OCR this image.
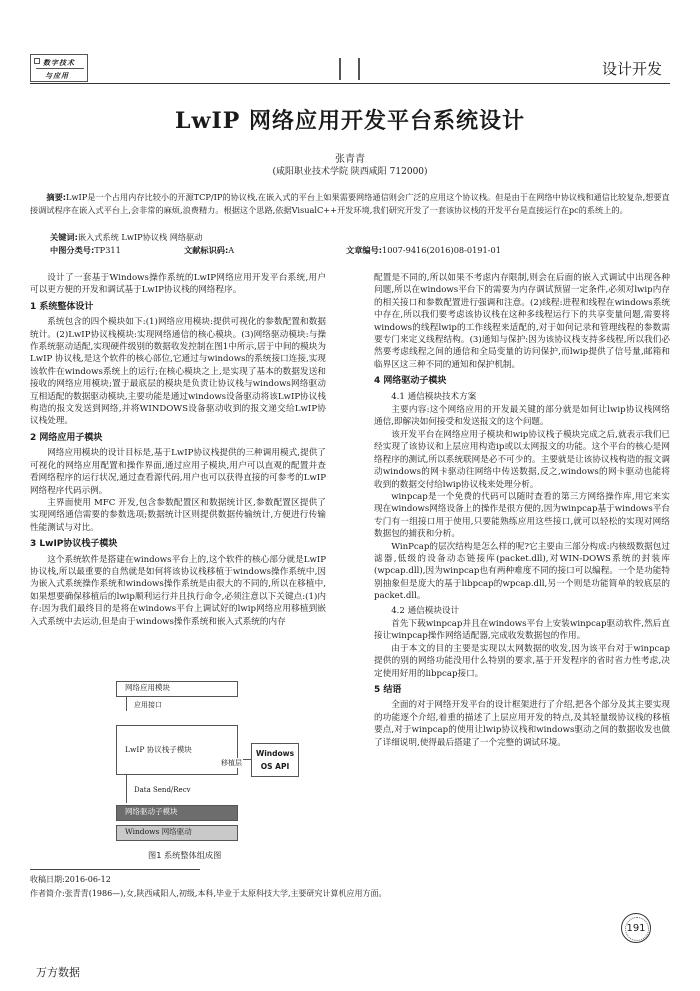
数字技术
与应用	设计开发
LwIP 网络应用开发平台系统设计
张青青
(咸阳职业技术学院 陕西咸阳 712000)
摘要:LwIP是一个占用内存比较小的开源TCP/IP的协议栈,在嵌入式的平台上如果需要网络通信则会广泛的应用这个协议栈。但是由于在网络中协议栈和通信比较复杂,想要直接调试程序在嵌入式平台上,会非常的麻烦,浪费精力。根据这个思路,依据VisualC++开发环境,我们研究开发了一套该协议栈的开发平台是直接运行在pc的系统上的。
关键词:嵌入式系统 LwIP协议栈 网络驱动
中图分类号:TP311	文献标识码:A	文章编号:1007-9416(2016)08-0191-01

设计了一套基于Windows操作系统的LwIP网络应用开发平台系统,用户可以更方便的开发和调试基于LwIP协议栈的网络程序。

1 系统整体设计

系统包含的四个模块如下:(1)网络应用模块:提供可视化的参数配置和数据统计。(2)LwIP协议栈模块:实现网络通信的核心模块。(3)网络驱动模块:与操作系统驱动适配,实现硬件级别的数据收发控制在图1中所示,居于中间的模块为LwIP 协议栈,是这个软件的核心部位,它通过与windows的系统接口连接,实现该软件在windows系统上的运行;在核心模块之上,是实现了基本的数据发送和接收的网络应用模块;置于最底层的模块是负责让协议栈与windows网络驱动互相适配的数据驱动模块,主要功能是通过windows设备驱动将该LwIP协议栈构造的报文发送到网络,并将WINDOWS设备驱动收到的报文递交给LwIP协议栈处理。

2 网络应用子模块

网络应用模块的设计目标是,基于LwIP协议栈提供的三种调用模式,提供了可视化的网络应用配置和操作界面,通过应用子模块,用户可以直观的配置并查看网络程序的运行状况,通过查看源代码,用户也可以获得直接的可参考的LwIP网络程序代码示例。

主界面使用 MFC 开发,包含参数配置区和数据统计区,参数配置区提供了实现网络通信需要的参数选项;数据统计区则提供数据传输统计,方便进行传输性能测试与对比。

3 LwIP协议栈子模块

这个系统软件是搭建在windows平台上的,这个软件的核心部分就是LwIP协议栈,所以最重要的自然就是如何将该协议栈移植于windows操作系统中,因为嵌入式系统操作系统和windows操作系统是由很大的不同的,所以在移植中,如果想要确保移植后的lwip顺利运行并且执行命令,必须注意以下关键点:(1)内存:因为我们最终目的是将在windows平台上调试好的lwip网络应用移植到嵌入式系统中去运动,但是由于windows操作系统和嵌入式系统的内存

网络应用模块
应用接口
LwIP 协议栈子模块
移植层
Windows
OS API
Data Send/Recv
网络驱动子模块
Windows 网络驱动
图1 系统整体组成图

配置是不同的,所以如果不考虑内存限制,则会在后面的嵌入式调试中出现各种问题,所以在windows平台下的需要为内存调试预留一定条件,必须对lwip内存的相关接口和参数配置进行强调和注意。(2)线程:进程和线程在windows系统中存在,所以我们要考虑该协议栈在这种多线程运行下的共享变量问题,需要将windows的线程lwip的工作线程来适配的,对于如何记录和管理线程的参数需要专门来定义线程结构。(3)通知与保护:因为该协议栈支持多线程,所以我们必然要考虑线程之间的通信和全局变量的访问保护,而lwip提供了信号量,邮箱和临界区这三种不同的通知和保护机制。

4 网络驱动子模块
4.1 通信模块技术方案

主要内容:这个网络应用的开发最关键的部分就是如何让lwip协议栈网络通信,即解决如何接受和发送报文的这个问题。

该开发平台在网络应用子模块和wip协议栈子模块完成之后,就表示我们已经实现了该协议和上层应用构造ip或以太网报文的功能。这个平台的核心是网络程序的测试,所以系统联网是必不可少的。主要就是让该协议栈构造的报文调动windows的网卡驱动往网络中传送数据,反之,windows的网卡驱动也能将收到的数据交付给lwip协议栈来处理分析。

winpcap是一个免费的代码可以随时查看的第三方网络操作库,用它来实现在windows网络设备上的操作是很方便的,因为winpcap基于windows平台专门有一组接口用于使用,只要能熟练应用这些接口,就可以轻松的实现对网络数据包的捕获和分析。

WinPcap的层次结构是怎么样的呢?它主要由三部分构成:内核级数据包过滤器,低级的设备动态链接库(packet.dll),对WIN-DOWS系统的封装库(wpcap.dll),因为winpcap也有两种难度不同的接口可以编程。一个是功能特别抽象但是庞大的基于libpcap的wpcap.dll,另一个则是功能简单的较底层的packet.dll。

4.2 通信模块设计

首先下载winpcap并且在windows平台上安装winpcap驱动软件,然后直接让winpcap操作网络适配器,完成收发数据包的作用。

由于本文的目的主要是实现以太网数据的收发,因为该平台对于winpcap提供的别的网络功能没用什么特别的要求,基于开发程序的省时省力性考虑,决定使用好用的libpcap接口。

5 结语

全面的对于网络开发平台的设计框架进行了介绍,把各个部分及其主要实现的功能逐个介绍,着重的描述了上层应用开发的特点,及其轻量级协议栈的移植要点,对于winpcap的使用让lwip协议栈和windows驱动之间的数据收发也做了详细说明,使得最后搭建了一个完整的调试环境。

收稿日期:2016-06-12
作者简介:张青青(1986—),女,陕西咸阳人,初级,本科,毕业于太原科技大学,主要研究计算机应用方面。
191
万方数据
